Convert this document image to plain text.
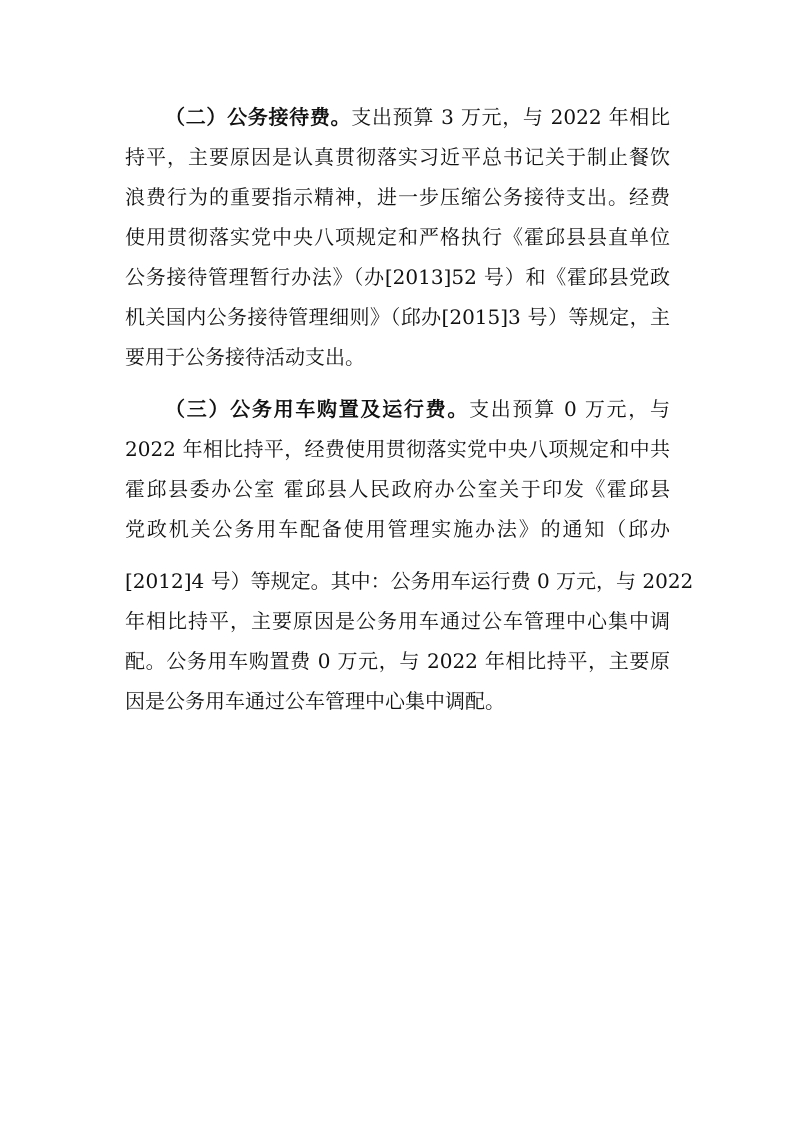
（二）公务接待费。支出预算 3 万元，与 2022 年相比
持平，主要原因是认真贯彻落实习近平总书记关于制止餐饮
浪费行为的重要指示精神，进一步压缩公务接待支出。经费
使用贯彻落实党中央八项规定和严格执行《霍邱县县直单位
公务接待管理暂行办法》（办[2013]52 号）和《霍邱县党政
机关国内公务接待管理细则》（邱办[2015]3 号）等规定，主
要用于公务接待活动支出。
（三）公务用车购置及运行费。支出预算 0 万元，与
2022 年相比持平，经费使用贯彻落实党中央八项规定和中共
霍邱县委办公室 霍邱县人民政府办公室关于印发《霍邱县
党政机关公务用车配备使用管理实施办法》的通知（邱办
[2012]4 号）等规定。其中：公务用车运行费 0 万元，与 2022
年相比持平，主要原因是公务用车通过公车管理中心集中调
配。公务用车购置费 0 万元，与 2022 年相比持平，主要原
因是公务用车通过公车管理中心集中调配。
